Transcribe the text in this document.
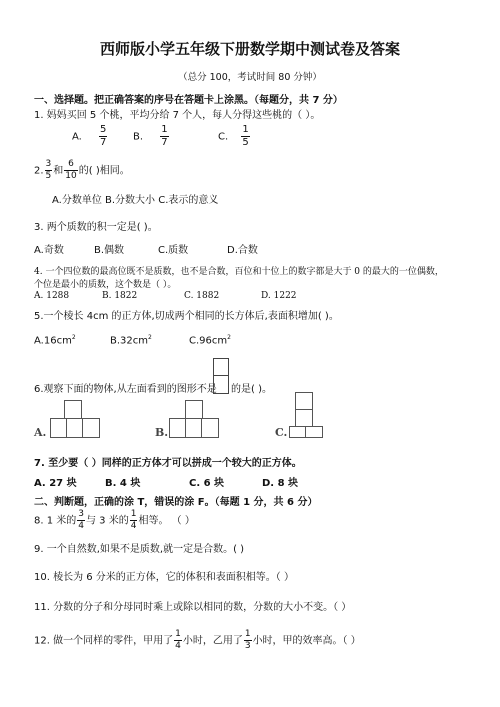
西师版小学五年级下册数学期中测试卷及答案
（总分 100，考试时间 80 分钟）
一、选择题。把正确答案的序号在答题卡上涂黑。（每题分，共 7 分）
1. 妈妈买回 5 个桃，平均分给 7 个人，每人分得这些桃的（ ）。
A. $\frac{5}{7}$	B. $\frac{1}{7}$	C. $\frac{1}{5}$
2. $\frac{3}{5}$ 和 $\frac{6}{10}$ 的( )相同。
A.分数单位 B.分数大小 C.表示的意义
3. 两个质数的积一定是( )。
A.奇数	B.偶数	C.质数	D.合数
4. 一个四位数的最高位既不是质数，也不是合数，百位和十位上的数字都是大于 0 的最大的一位偶数，
个位是最小的质数，这个数是（ ）。
A. 1288	B. 1822	C. 1882	D. 1222
5.一个棱长 4cm 的正方体,切成两个相同的长方体后,表面积增加( )。
$A.16cm^2$	$B.32cm^2$	$C.96cm^2$
6.观察下面的物体,从左面看到的图形不是 的是( )。
A.	B.	C.
7. 至少要（ ）同样的正方体才可以拼成一个较大的正方体。
A. 27 块	B. 4 块	C. 6 块	D. 8 块
二、判断题，正确的涂 T，错误的涂 F。（每题 1 分，共 6 分）
8. 1 米的 $\frac{3}{4}$ 与 3 米的 $\frac{1}{4}$ 相等。 （ ）
9. 一个自然数,如果不是质数,就一定是合数。( )
10. 棱长为 6 分米的正方体，它的体积和表面积相等。（ ）
11. 分数的分子和分母同时乘上或除以相同的数，分数的大小不变。（ ）
12. 做一个同样的零件，甲用了 $\frac{1}{4}$ 小时，乙用了 $\frac{1}{3}$ 小时，甲的效率高。（ ）
